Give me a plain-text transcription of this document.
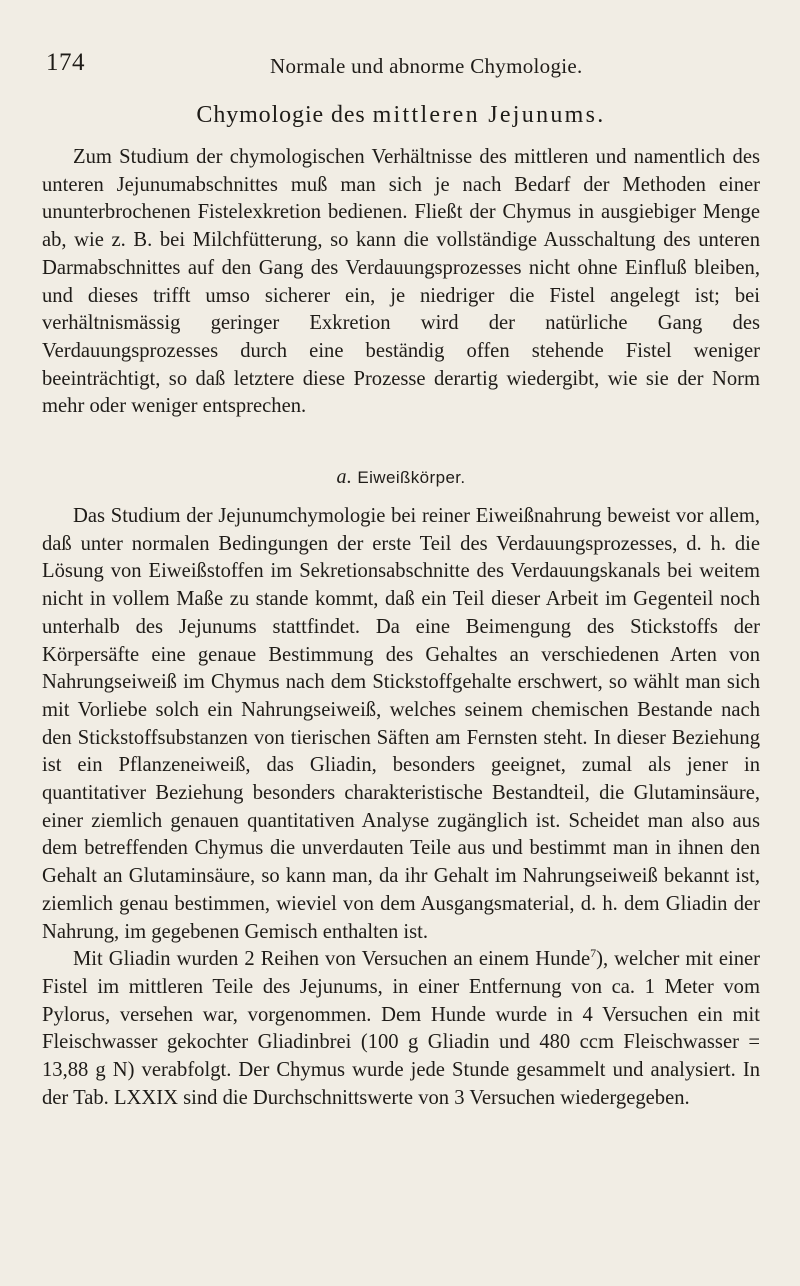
174	Normale und abnorme Chymologie.
Chymologie des mittleren Jejunums.

Zum Studium der chymologischen Verhältnisse des mittleren und namentlich des unteren Jejunumabschnittes muß man sich je nach Bedarf der Methoden einer ununterbrochenen Fistelexkretion bedienen. Fließt der Chymus in ausgiebiger Menge ab, wie z. B. bei Milchfütterung, so kann die vollständige Ausschaltung des unteren Darmabschnittes auf den Gang des Verdauungsprozesses nicht ohne Einfluß bleiben, und dieses trifft umso sicherer ein, je niedriger die Fistel angelegt ist; bei verhältnismässig geringer Exkretion wird der natürliche Gang des Verdauungsprozesses durch eine beständig offen stehende Fistel weniger beeinträchtigt, so daß letztere diese Prozesse derartig wiedergibt, wie sie der Norm mehr oder weniger entsprechen.

a. Eiweißkörper.

Das Studium der Jejunumchymologie bei reiner Eiweißnahrung beweist vor allem, daß unter normalen Bedingungen der erste Teil des Verdauungsprozesses, d. h. die Lösung von Eiweißstoffen im Sekretionsabschnitte des Verdauungskanals bei weitem nicht in vollem Maße zu stande kommt, daß ein Teil dieser Arbeit im Gegenteil noch unterhalb des Jejunums stattfindet. Da eine Beimengung des Stickstoffs der Körpersäfte eine genaue Bestimmung des Gehaltes an verschiedenen Arten von Nahrungseiweiß im Chymus nach dem Stickstoffgehalte erschwert, so wählt man sich mit Vorliebe solch ein Nahrungseiweiß, welches seinem chemischen Bestande nach den Stickstoffsubstanzen von tierischen Säften am Fernsten steht. In dieser Beziehung ist ein Pflanzeneiweiß, das Gliadin, besonders geeignet, zumal als jener in quantitativer Beziehung besonders charakteristische Bestandteil, die Glutaminsäure, einer ziemlich genauen quantitativen Analyse zugänglich ist. Scheidet man also aus dem betreffenden Chymus die unverdauten Teile aus und bestimmt man in ihnen den Gehalt an Glutaminsäure, so kann man, da ihr Gehalt im Nahrungseiweiß bekannt ist, ziemlich genau bestimmen, wieviel von dem Ausgangsmaterial, d. h. dem Gliadin der Nahrung, im gegebenen Gemisch enthalten ist.

Mit Gliadin wurden 2 Reihen von Versuchen an einem Hunde$^7$), welcher mit einer Fistel im mittleren Teile des Jejunums, in einer Entfernung von ca. 1 Meter vom Pylorus, versehen war, vorgenommen. Dem Hunde wurde in 4 Versuchen ein mit Fleischwasser gekochter Gliadinbrei (100 g Gliadin und 480 ccm Fleischwasser = 13,88 g N) verabfolgt. Der Chymus wurde jede Stunde gesammelt und analysiert. In der Tab. LXXIX sind die Durchschnittswerte von 3 Versuchen wiedergegeben.
